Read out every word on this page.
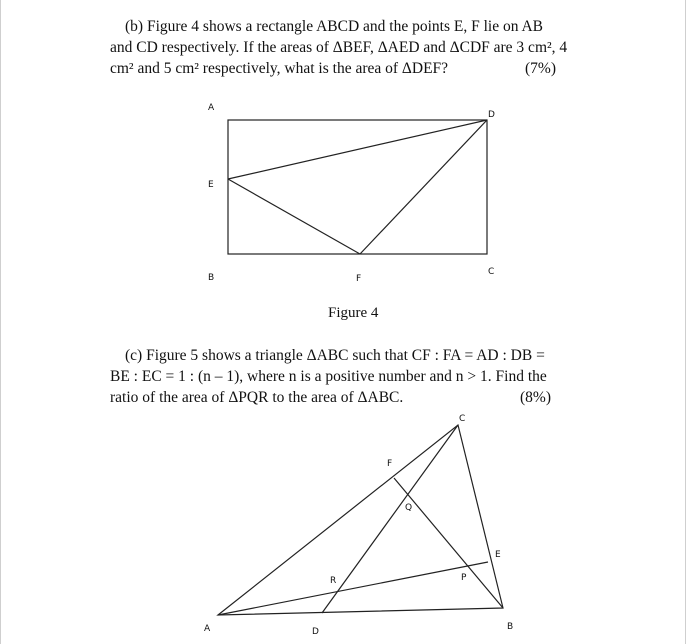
(b) Figure 4 shows a rectangle ABCD and the points E, F lie on AB
and CD respectively. If the areas of ΔBEF, ΔAED and ΔCDF are 3 cm², 4
cm² and 5 cm² respectively, what is the area of ΔDEF?	(7%)
A
D
E
B	F
C
Figure 4
(c) Figure 5 shows a triangle ΔABC such that CF : FA = AD : DB =
BE : EC = 1 : (n – 1), where n is a positive number and n > 1. Find the
ratio of the area of ΔPQR to the area of ΔABC.	(8%)
C
F
Q
E
R	P
A	D	B
